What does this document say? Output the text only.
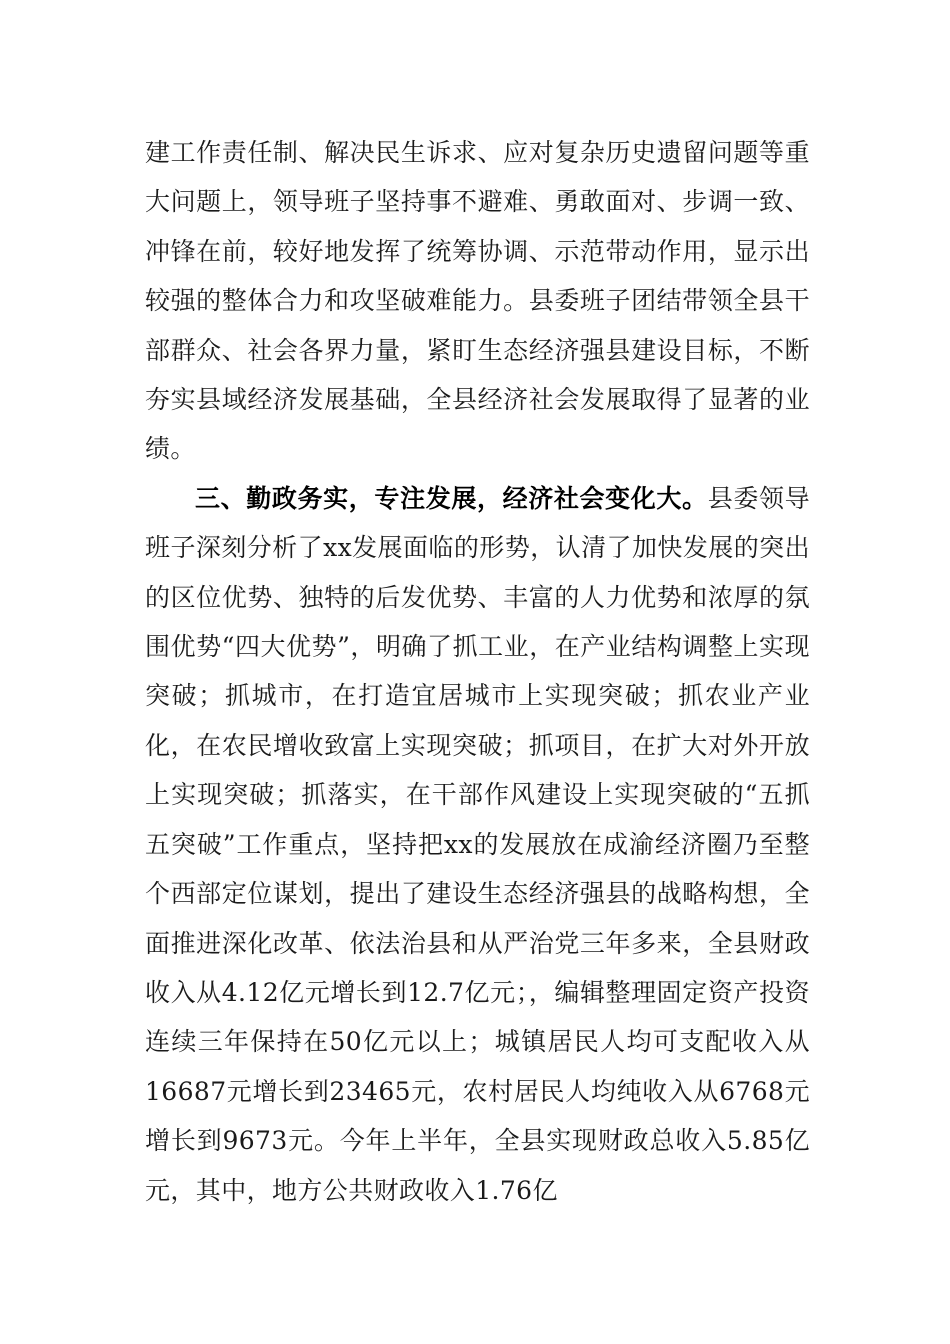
建工作责任制、解决民生诉求、应对复杂历史遗留问题等重大问题上，领导班子坚持事不避难、勇敢面对、步调一致、冲锋在前，较好地发挥了统筹协调、示范带动作用，显示出较强的整体合力和攻坚破难能力。县委班子团结带领全县干部群众、社会各界力量，紧盯生态经济强县建设目标，不断夯实县域经济发展基础，全县经济社会发展取得了显著的业绩。

三、勤政务实，专注发展，经济社会变化大。县委领导班子深刻分析了xx发展面临的形势，认清了加快发展的突出的区位优势、独特的后发优势、丰富的人力优势和浓厚的氛围优势“四大优势”，明确了抓工业，在产业结构调整上实现突破；抓城市，在打造宜居城市上实现突破；抓农业产业化，在农民增收致富上实现突破；抓项目，在扩大对外开放上实现突破；抓落实，在干部作风建设上实现突破的“五抓五突破”工作重点，坚持把xx的发展放在成渝经济圈乃至整个西部定位谋划，提出了建设生态经济强县的战略构想，全面推进深化改革、依法治县和从严治党三年多来，全县财政收入从4.12亿元增长到12.7亿元；，编辑整理固定资产投资连续三年保持在50亿元以上；城镇居民人均可支配收入从16687元增长到23465元，农村居民人均纯收入从6768元增长到9673元。今年上半年，全县实现财政总收入5.85亿元，其中，地方公共财政收入1.76亿
